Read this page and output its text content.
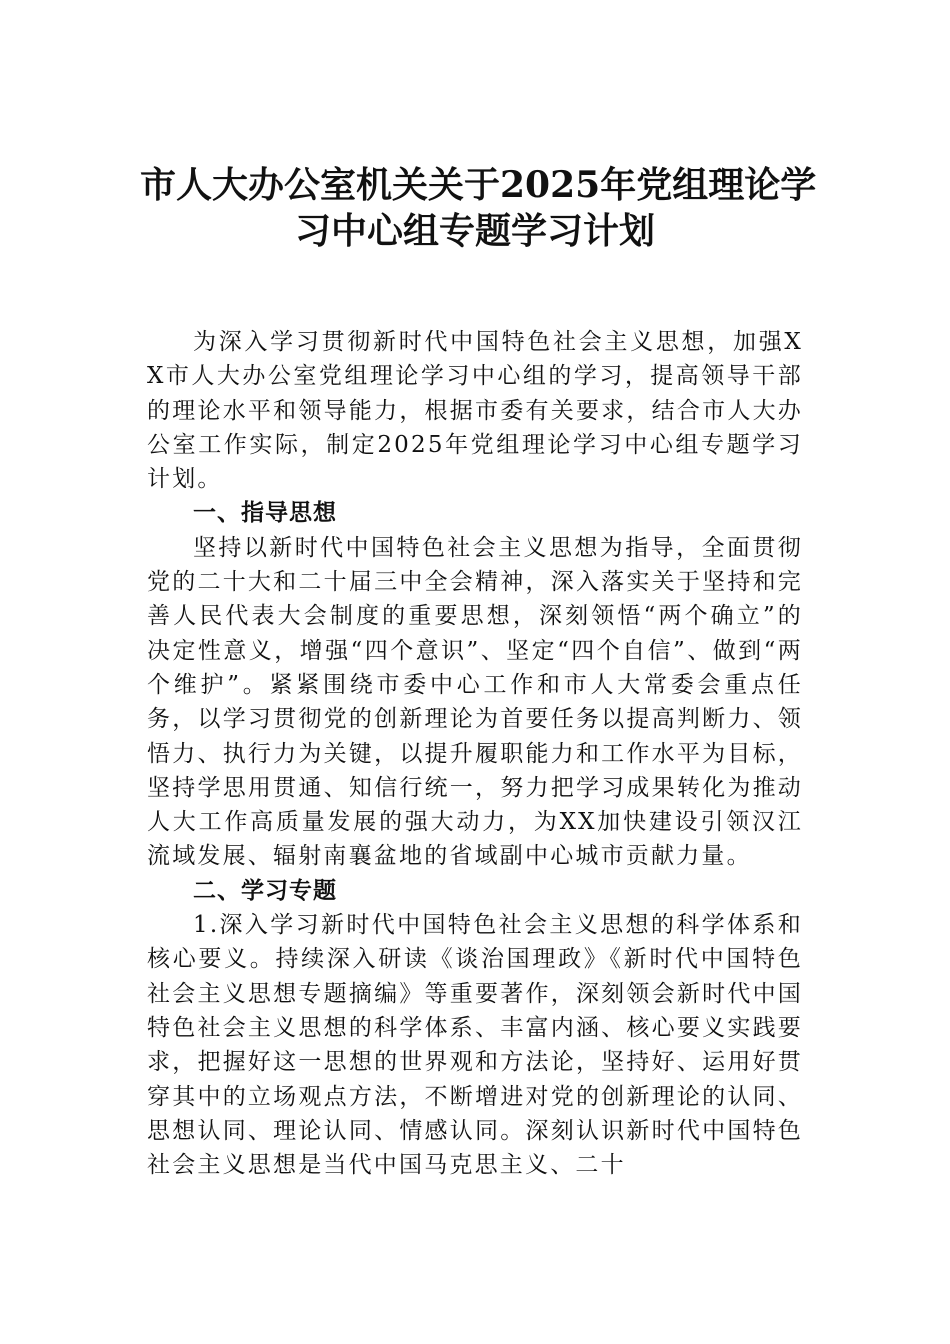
市人大办公室机关关于2025年党组理论学
习中心组专题学习计划

为深入学习贯彻新时代中国特色社会主义思想，加强XX市人大办公室党组理论学习中心组的学习，提高领导干部的理论水平和领导能力，根据市委有关要求，结合市人大办公室工作实际，制定2025年党组理论学习中心组专题学习计划。

一、指导思想

坚持以新时代中国特色社会主义思想为指导，全面贯彻党的二十大和二十届三中全会精神，深入落实关于坚持和完善人民代表大会制度的重要思想，深刻领悟“两个确立”的决定性意义，增强“四个意识”、坚定“四个自信”、做到“两个维护”。紧紧围绕市委中心工作和市人大常委会重点任务，以学习贯彻党的创新理论为首要任务以提高判断力、领悟力、执行力为关键，以提升履职能力和工作水平为目标，坚持学思用贯通、知信行统一，努力把学习成果转化为推动人大工作高质量发展的强大动力，为XX加快建设引领汉江流域发展、辐射南襄盆地的省域副中心城市贡献力量。

二、学习专题

1.深入学习新时代中国特色社会主义思想的科学体系和核心要义。持续深入研读《谈治国理政》《新时代中国特色社会主义思想专题摘编》等重要著作，深刻领会新时代中国特色社会主义思想的科学体系、丰富内涵、核心要义实践要求，把握好这一思想的世界观和方法论，坚持好、运用好贯穿其中的立场观点方法，不断增进对党的创新理论的认同、思想认同、理论认同、情感认同。深刻认识新时代中国特色社会主义思想是当代中国马克思主义、二十
